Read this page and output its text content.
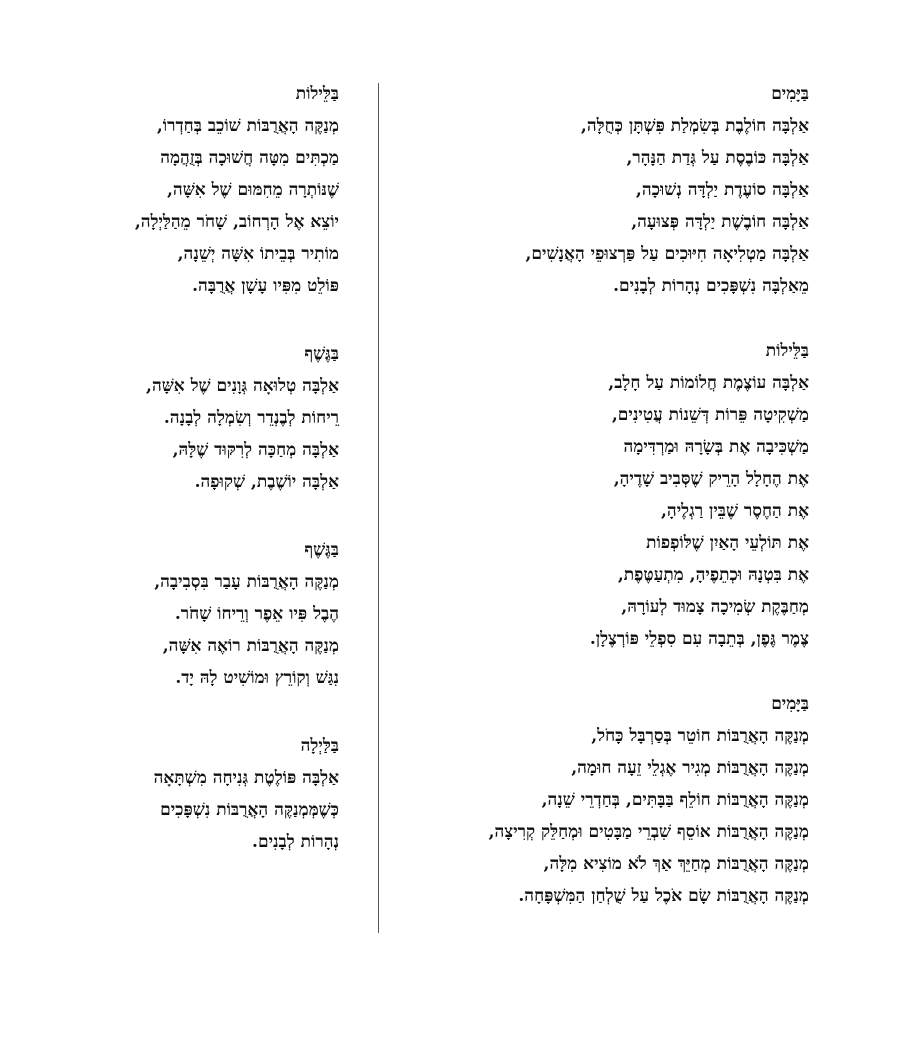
בַּיָּמִים
אַלְבָּה חוֹלֶבֶת בְּשִׂמְלַת פִּשְׁתָּן כְּחֻלָּה,
אַלְבָּה כּוֹבֶסֶת עַל גְּדַת הַנָּהָר,
אַלְבָּה סוֹעֶדֶת יַלְדָּה נְשׁוּכָה,
אַלְבָּה חוֹבֶשֶׁת יַלְדָּה פְּצוּעָה,
אַלְבָּה מַטְלִיאָה חִיּוּכִים עַל פַּרְצוּפֵי הָאֲנָשִׁים,
מֵאַלְבָּה נִשְׁפָּכִים נְהָרוֹת לְבָנִים.
בַּלֵּילוֹת
אַלְבָּה עוֹצֶמֶת חֲלוֹמוֹת עַל חָלָב,
מַשְׁקִיטָה פֵּרוֹת דְּשֵׁנוֹת עֲטִינִים,
מַשְׁכִּיבָה אֶת בְּשָׂרָהּ וּמַרְדִּימָה
אֶת הֶחָלָל הָרֵיק שֶׁסְּבִיב שָׁדֶיהָ,
אֶת הַחֶסֶר שֶׁבֵּין רַגְלֶיהָ,
אֶת תּוֹלְעֵי הָאַיִן שֶׁלּוֹפְפוֹת
אֶת בִּטְנָהּ וּכְתֵפֶיהָ, מִתְעַטֶּפֶת,
מְחַבֶּקֶת שְׂמִיכָה צָמוּד לְעוֹרָהּ,
צֶמֶר גֶּפֶן, בְּתֵבָה עִם סִפְלֵי פּוֹרְצֶלָן.
בַּיָּמִים
מְנַקֶּה הָאֲרֻבּוֹת חוֹטֵר בְּסַרְבָּל כָּחֹל,
מְנַקֶּה הָאֲרֻבּוֹת מְגִיר אֶגְלֵי זֵעָה חוּמָה,
מְנַקֶּה הָאֲרֻבּוֹת חוֹלֵף בַּבָּתִּים, בְּחַדְרֵי שֵׁנָה,
מְנַקֶּה הָאֲרֻבּוֹת אוֹסֵף שִׁבְרֵי מַבָּטִים וּמְחַלֵּק קְרִיצָה,
מְנַקֶּה הָאֲרֻבּוֹת מְחַיֵּךְ אַךְ לֹא מוֹצִיא מִלָּה,
מְנַקֶּה הָאֲרֻבּוֹת שָׂם אֹכֶל עַל שֻׁלְחַן הַמִּשְׁפָּחָה.
בַּלֵּילוֹת
מְנַקֶּה הָאֲרֻבּוֹת שׁוֹכֵב בְּחַדְרוֹ,
מַכְתִּים מִטָּה חֲשׁוּכָה בְּזֻהֲמָה
שֶׁנּוֹתְרָה מֵחִמּוּם שֶׁל אִשָּׁה,
יוֹצֵא אֶל הָרְחוֹב, שָׁחֹר מֵהַלַּיְלָה,
מוֹתִיר בְּבֵיתוֹ אִשָּׁה יְשֵׁנָה,
פּוֹלֵט מִפִּיו עָשָׁן אֲרֻבָּה.
בַּגֶּשֶׁף
אַלְבָּה טְלוּאָה גְּוָנִים שֶׁל אִשָּׁה,
רֵיחוֹת לְבֶנְדֵר וְשִׂמְלָה לְבָנָה.
אַלְבָּה מְחַכָּה לְרִקּוּד שֶׁלָּהּ,
אַלְבָּה יוֹשֶׁבֶת, שְׁקוּפָה.
בַּגֶּשֶׁף
מְנַקֶּה הָאֲרֻבּוֹת עָבַר בִּסְבִיבָה,
הֶבֶל פִּיו אֵפֶר וְרֵיחוֹ שָׁחֹר.
מְנַקֶּה הָאֲרֻבּוֹת רוֹאֶה אִשָּׁה,
נִגַּשׁ וְקוֹרֵץ וּמוֹשִׁיט לָהּ יָד.
בַּלַּיְלָה
אַלְבָּה פּוֹלֶטֶת גְּנִיחָה מִשְׁתָּאָה
כְּשֶׁמְּמְנַקֶּה הָאֲרֻבּוֹת נִשְׁפָּכִים
נְהָרוֹת לְבָנִים.
